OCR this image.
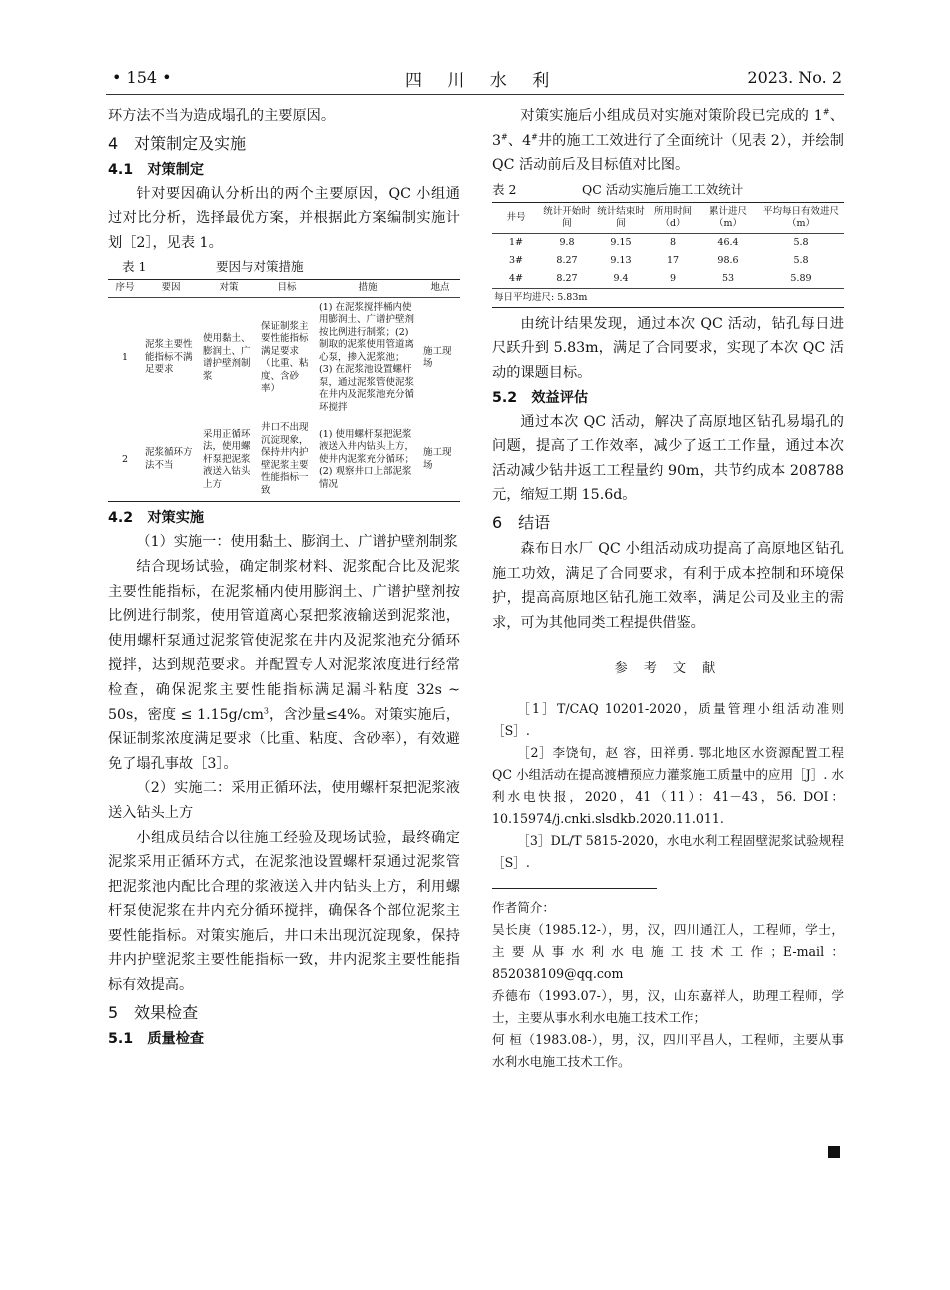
• 154 •	四 川 水 利	2023. No. 2

环方法不当为造成塌孔的主要原因。

4　对策制定及实施
4.1　对策制定

针对要因确认分析出的两个主要原因，QC 小组通过对比分析，选择最优方案，并根据此方案编制实施计划［2］，见表 1。

表 1	要因与对策措施
序号	要因	对策	目标	措施	地点
1	泥浆主要性能指标不满足要求	使用黏土、膨润土、广谱护壁剂制浆	保证制浆主要性能指标满足要求（比重、粘度、含砂率）	(1) 在泥浆搅拌桶内使用膨润土、广谱护壁剂按比例进行制浆；(2) 制取的泥浆使用管道离心泵，掺入泥浆池；(3) 在泥浆池设置螺杆泵，通过泥浆管使泥浆在井内及泥浆池充分循环搅拌	施工现场
2	泥浆循环方法不当	采用正循环法，使用螺杆泵把泥浆液送入钻头上方	井口不出现沉淀现象，保持井内护壁泥浆主要性能指标一致	(1) 使用螺杆泵把泥浆液送入井内钻头上方，使井内泥浆充分循环；(2) 观察井口上部泥浆情况	施工现场
4.2　对策实施

（1）实施一：使用黏土、膨润土、广谱护壁剂制浆

结合现场试验，确定制浆材料、泥浆配合比及泥浆主要性能指标，在泥浆桶内使用膨润土、广谱护壁剂按比例进行制浆，使用管道离心泵把浆液输送到泥浆池，使用螺杆泵通过泥浆管使泥浆在井内及泥浆池充分循环搅拌，达到规范要求。并配置专人对泥浆浓度进行经常检查，确保泥浆主要性能指标满足漏斗粘度 32s ~ 50s，密度 ≤ $1.15g/cm^3$，含沙量≤4%。对策实施后，保证制浆浓度满足要求（比重、粘度、含砂率），有效避免了塌孔事故［3］。

（2）实施二：采用正循环法，使用螺杆泵把泥浆液送入钻头上方

小组成员结合以往施工经验及现场试验，最终确定泥浆采用正循环方式，在泥浆池设置螺杆泵通过泥浆管把泥浆池内配比合理的浆液送入井内钻头上方，利用螺杆泵使泥浆在井内充分循环搅拌，确保各个部位泥浆主要性能指标。对策实施后，井口未出现沉淀现象，保持井内护壁泥浆主要性能指标一致，井内泥浆主要性能指标有效提高。

5　效果检查
5.1　质量检查

对策实施后小组成员对实施对策阶段已完成的 1#、3#、4#井的施工工效进行了全面统计（见表 2），并绘制 QC 活动前后及目标值对比图。

表 2	QC 活动实施后施工工效统计
井号	统计开始时间	统计结束时间	所用时间（d）	累计进尺（m）	平均每日有效进尺（m）
1#	9.8	9.15	8	46.4	5.8
3#	8.27	9.13	17	98.6	5.8
4#	8.27	9.4	9	53	5.89
每日平均进尺: 5.83m					

由统计结果发现，通过本次 QC 活动，钻孔每日进尺跃升到 5.83m，满足了合同要求，实现了本次 QC 活动的课题目标。

5.2　效益评估

通过本次 QC 活动，解决了高原地区钻孔易塌孔的问题，提高了工作效率，减少了返工工作量，通过本次活动减少钻井返工工程量约 90m，共节约成本 208788 元，缩短工期 15.6d。

6　结语

森布日水厂 QC 小组活动成功提高了高原地区钻孔施工功效，满足了合同要求，有利于成本控制和环境保护，提高高原地区钻孔施工效率，满足公司及业主的需求，可为其他同类工程提供借鉴。

参 考 文 献

［1］T/CAQ 10201-2020，质量管理小组活动准则［S］.

［2］李饶旬，赵 容，田祥勇. 鄂北地区水资源配置工程 QC 小组活动在提高渡槽预应力灌浆施工质量中的应用［J］. 水利水电快报，2020，41（11）：41－43，56. DOI：10.15974/j.cnki.slsdkb.2020.11.011.

［3］DL/T 5815-2020，水电水利工程固壁泥浆试验规程［S］.

作者简介：

吴长庚（1985.12-），男，汉，四川通江人，工程师，学士，主要从事水利水电施工技术工作；E-mail：852038109@qq.com

乔德布（1993.07-），男，汉，山东嘉祥人，助理工程师，学士，主要从事水利水电施工技术工作；

何 桓（1983.08-），男，汉，四川平昌人，工程师，主要从事水利水电施工技术工作。
